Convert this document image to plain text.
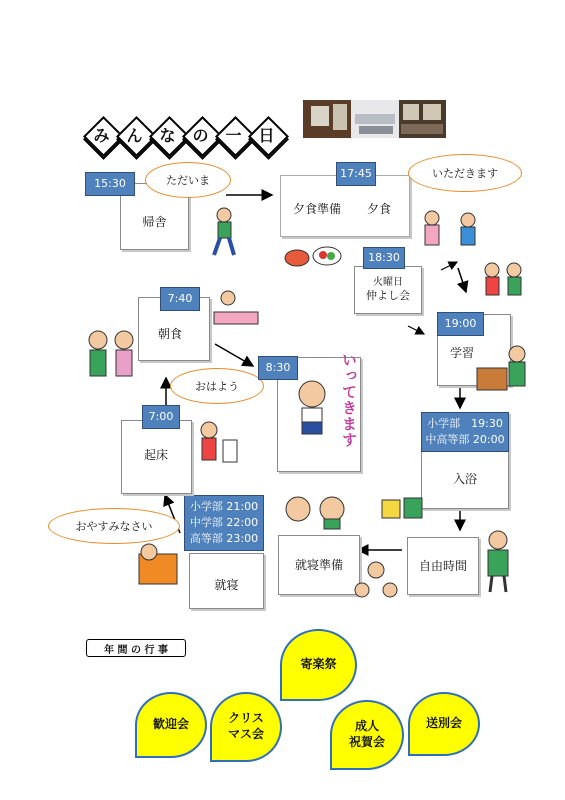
み	ん	な	の	一	日
帰舎
15:30	ただいま
夕食準備 夕食
17:45	いただきます
火曜日
仲よし会
18:30
学習
19:00
入浴
小学部　19:30
中高等部 20:00
自由時間
就寝準備
就寝
小学部 21:00
中学部 22:00
高等部 23:00
おやすみなさい
起床
7:00
おはよう
朝食
7:40
8:30	いってきます
年 間 の 行 事
寄楽祭
歓迎会	クリス
マス会
成人
祝賀会
送別会
